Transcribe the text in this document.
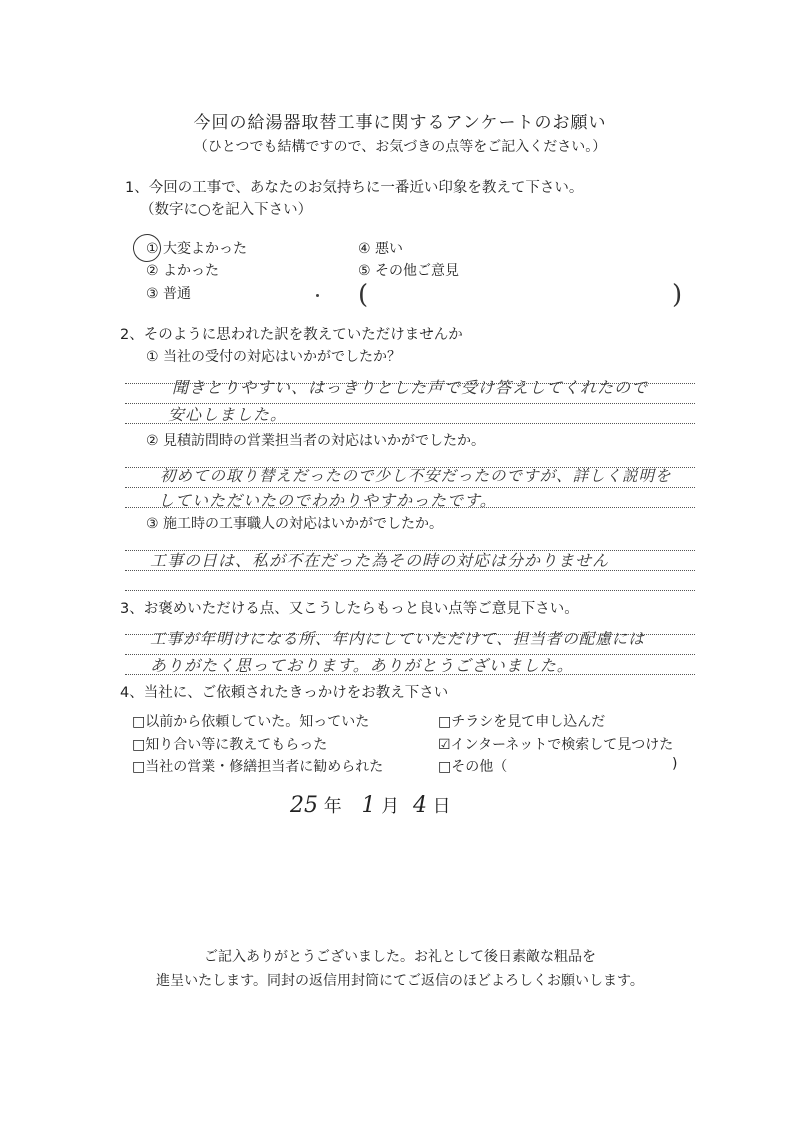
今回の給湯器取替工事に関するアンケートのお願い
（ひとつでも結構ですので、お気づきの点等をご記入ください。）
1、今回の工事で、あなたのお気持ちに一番近い印象を教えて下さい。
（数字に○を記入下さい）
① 大変よかった
② よかった
③ 普通
④ 悪い
⑤ その他ご意見
(	)
2、そのように思われた訳を教えていただけませんか
① 当社の受付の対応はいかがでしたか？
聞きとりやすい、はっきりとした声で受け答えしてくれたので
安心しました。
② 見積訪問時の営業担当者の対応はいかがでしたか。
初めての取り替えだったので少し不安だったのですが、詳しく説明を
していただいたのでわかりやすかったです。
③ 施工時の工事職人の対応はいかがでしたか。
工事の日は、私が不在だった為その時の対応は分かりません
3、お褒めいただける点、又こうしたらもっと良い点等ご意見下さい。
工事が年明けになる所、年内にしていただけて、担当者の配慮には
ありがたく思っております。ありがとうございました。
4、当社に、ご依頼されたきっかけをお教え下さい
□以前から依頼していた。知っていた
□知り合い等に教えてもらった
□当社の営業・修繕担当者に勧められた
□チラシを見て申し込んだ
☑インターネットで検索して見つけた
□その他（	)
25 年 1 月 4 日
ご記入ありがとうございました。お礼として後日素敵な粗品を
進呈いたします。同封の返信用封筒にてご返信のほどよろしくお願いします。
